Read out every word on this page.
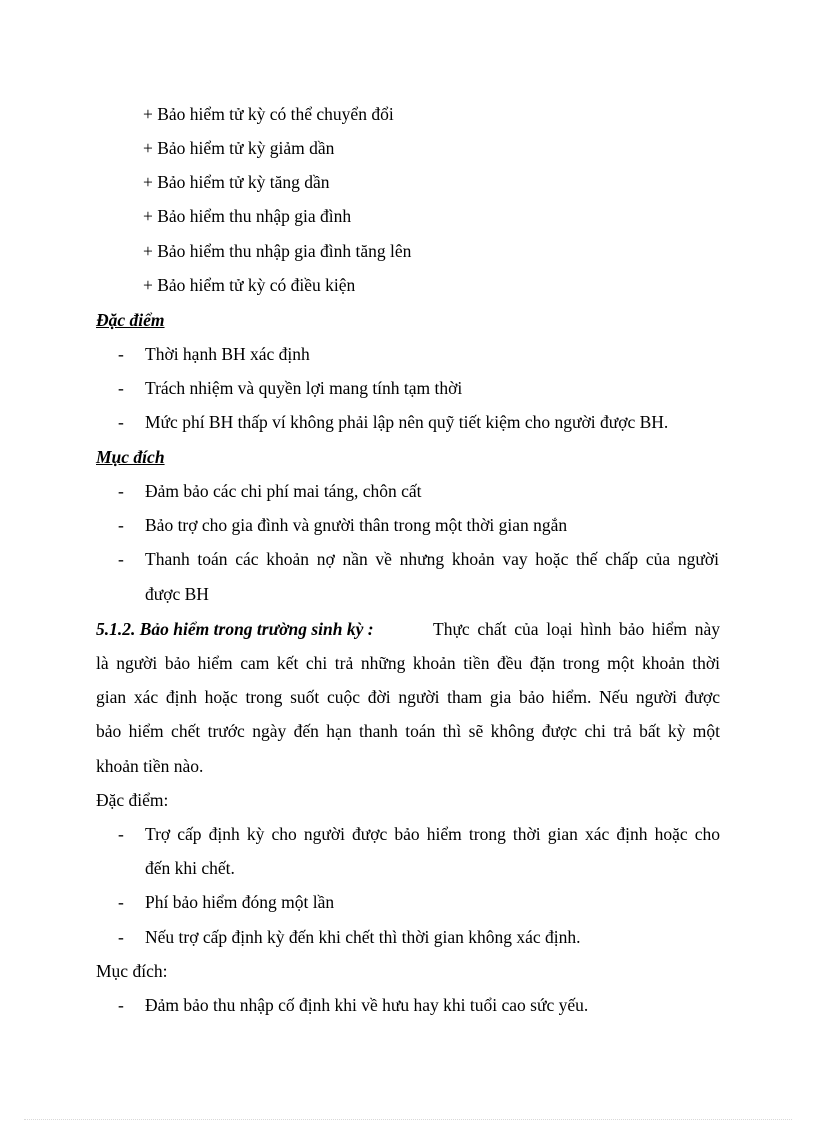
+ Bảo hiểm tử kỳ có thể chuyển đổi
+ Bảo hiểm tử kỳ giảm dần
+ Bảo hiểm tử kỳ tăng dần
+ Bảo hiểm thu nhập gia đình
+ Bảo hiểm thu nhập gia đình tăng lên
+ Bảo hiểm tử kỳ có điều kiện
Đặc điểm
- Thời hạnh BH xác định
- Trách nhiệm và quyền lợi mang tính tạm thời
- Mức phí BH thấp ví không phải lập nên quỹ tiết kiệm cho người được BH.
Mục đích
- Đảm bảo các chi phí mai táng, chôn cất
- Bảo trợ cho gia đình và gnười thân trong một thời gian ngắn
- Thanh toán các khoản nợ nần về nhưng khoản vay hoặc thế chấp của người
được BH
5.1.2. Bảo hiểm trong trường sinh kỳ :	Thực chất của loại hình bảo hiểm này
là người bảo hiểm cam kết chi trả những khoản tiền đều đặn trong một khoản thời
gian xác định hoặc trong suốt cuộc đời người tham gia bảo hiểm. Nếu người được
bảo hiểm chết trước ngày đến hạn thanh toán thì sẽ không được chi trả bất kỳ một
khoản tiền nào.
Đặc điểm:
- Trợ cấp định kỳ cho người được bảo hiểm trong thời gian xác định hoặc cho
đến khi chết.
- Phí bảo hiểm đóng một lần
- Nếu trợ cấp định kỳ đến khi chết thì thời gian không xác định.
Mục đích:
- Đảm bảo thu nhập cố định khi về hưu hay khi tuổi cao sức yếu.
